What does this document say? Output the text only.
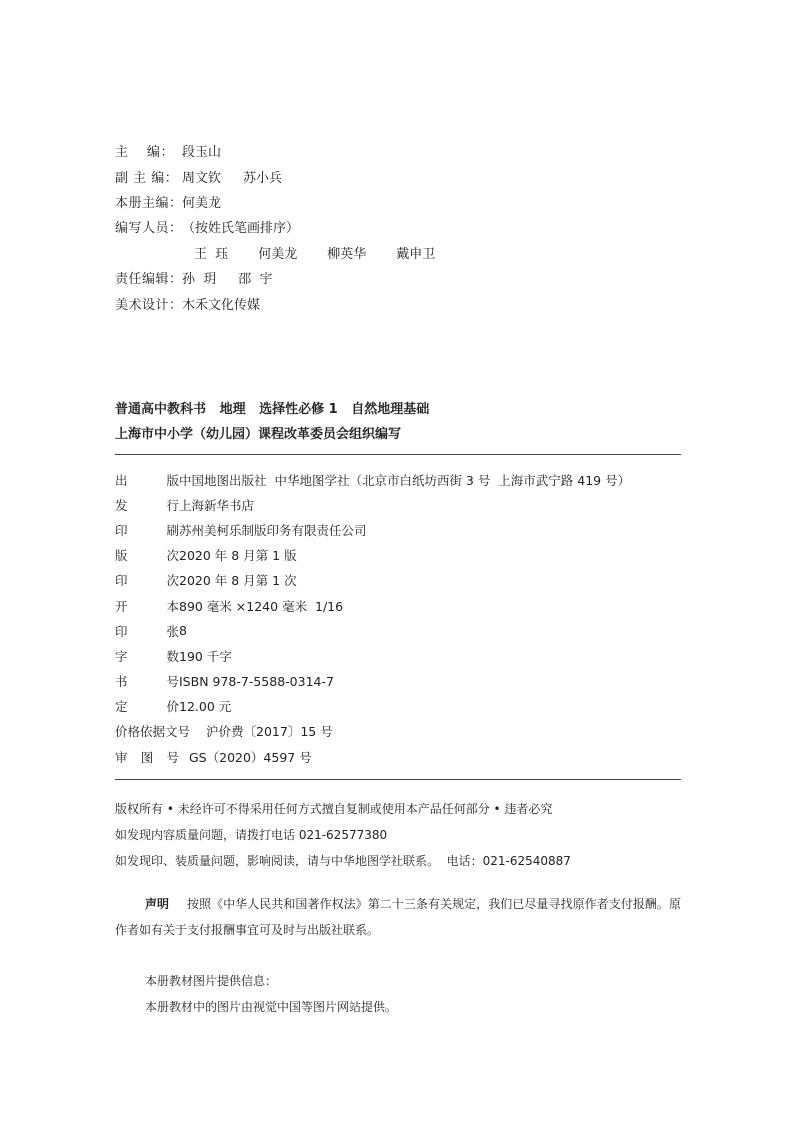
主    编： 段玉山
副 主 编： 周文钦 苏小兵
本册主编： 何美龙
编写人员： （按姓氏笔画排序）
王  珏 何美龙 柳英华 戴申卫
责任编辑： 孙  玥 邵  宇
美术设计： 木禾文化传媒
普通高中教科书   地理   选择性必修 1   自然地理基础
上海市中小学（幼儿园）课程改革委员会组织编写
出	版 中国地图出版社  中华地图学社（北京市白纸坊西街 3 号  上海市武宁路 419 号）
发	行 上海新华书店
印	刷 苏州美柯乐制版印务有限责任公司
版	次 2020 年 8 月第 1 版
印	次 2020 年 8 月第 1 次
开	本 890 毫米 ×1240 毫米  1/16
印	张 8
字	数 190 千字
书	号 ISBN 978-7-5588-0314-7
定	价 12.00 元
价格依据文号 沪价费〔2017〕15 号
审 图 号 GS（2020）4597 号
版权所有 • 未经许可不得采用任何方式擅自复制或使用本产品任何部分 • 违者必究
如发现内容质量问题，请拨打电话 021-62577380
如发现印、装质量问题，影响阅读，请与中华地图学社联系。  电话：021-62540887
声明 按照《中华人民共和国著作权法》第二十三条有关规定，我们已尽量寻找原作者支付报酬。原作者如有关于支付报酬事宜可及时与出版社联系。
本册教材图片提供信息：
本册教材中的图片由视觉中国等图片网站提供。
